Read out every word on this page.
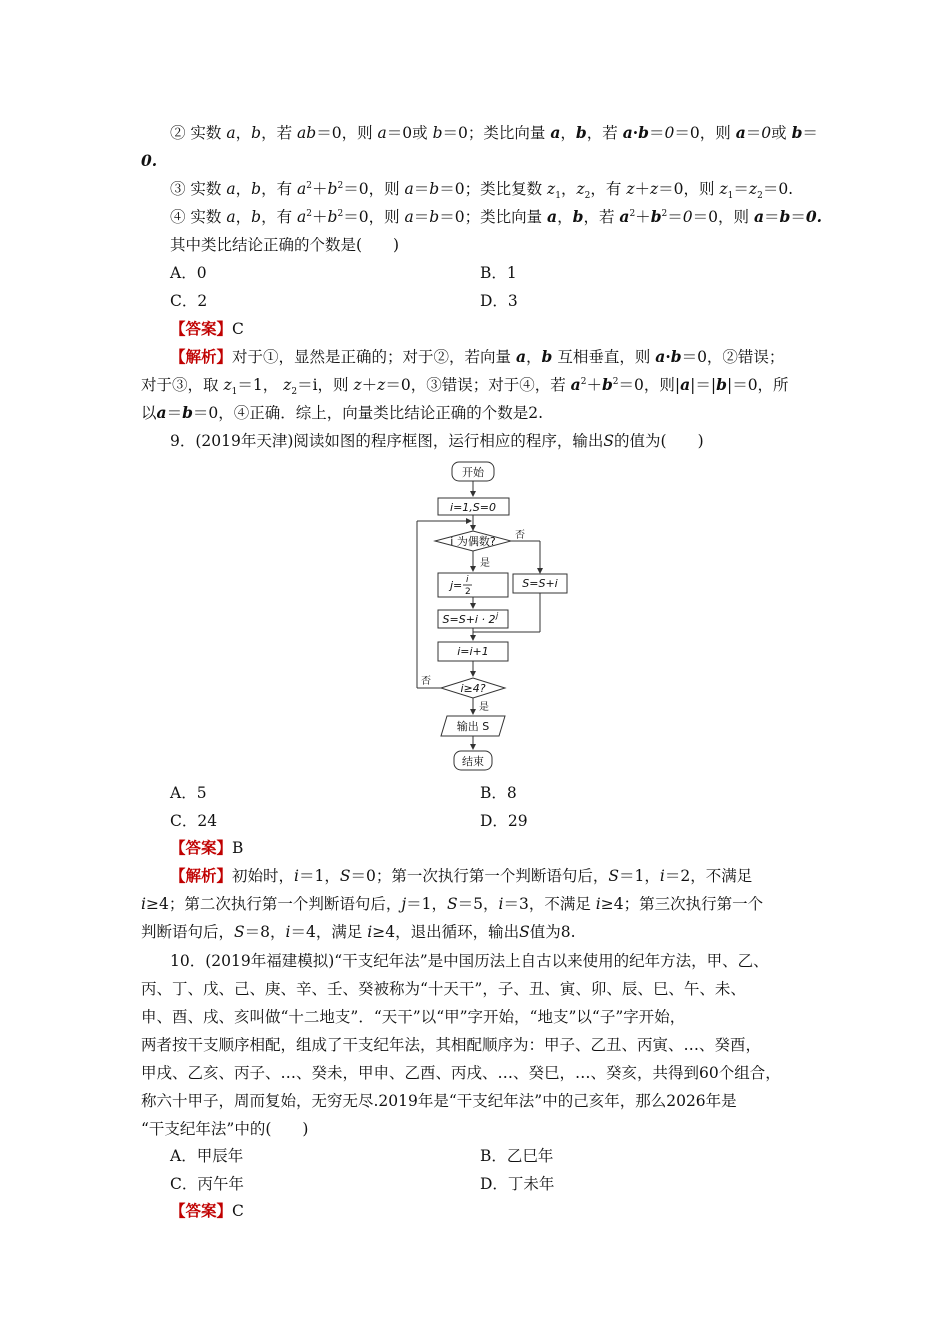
② 实数 a，b，若 ab＝0，则 a＝0或 b＝0；类比向量 a，b，若 a·b＝0＝0，则 a＝0或 b＝
0.
③ 实数 a，b，有 $a^2+b^2=0$，则 a＝b＝0；类比复数 $z_1$，$z_2$，有 z＋z＝0，则 $z_1=z_2=0$.
④ 实数 a，b，有 $a^2+b^2=0$，则 a＝b＝0；类比向量 a，b，若 $a^2+b^2=0=0$，则 a＝b＝0.
其中类比结论正确的个数是(　　)
A．0	B．1
C．2	D．3
【答案】C
【解析】对于①，显然是正确的；对于②，若向量 a，b 互相垂直，则 a·b＝0，②错误；
对于③，取 $z_1=1$， $z_2=i$，则 z＋z＝0，③错误；对于④，若 $a^2+b^2=0$，则|a|＝|b|＝0，所
以a＝b＝0，④正确．综上，向量类比结论正确的个数是2.
9．(2019年天津)阅读如图的程序框图，运行相应的程序，输出S的值为(　　)
开始
i=1,S=0
i 为偶数? 否
是
j= i
2
S=S+i
S=S+i · 2 j
i=i+1
i≥4?
否
是
输出 S
结束
A．5	B．8
C．24	D．29
【答案】B
【解析】初始时，i＝1，S＝0；第一次执行第一个判断语句后，S＝1，i＝2，不满足
i≥4；第二次执行第一个判断语句后，j＝1，S＝5，i＝3，不满足 i≥4；第三次执行第一个
判断语句后，S＝8，i＝4，满足 i≥4，退出循环，输出S值为8.
10．(2019年福建模拟)“干支纪年法”是中国历法上自古以来使用的纪年方法，甲、乙、
丙、丁、戊、己、庚、辛、壬、癸被称为“十天干”，子、丑、寅、卯、辰、巳、午、未、
申、酉、戌、亥叫做“十二地支”．“天干”以“甲”字开始，“地支”以“子”字开始，
两者按干支顺序相配，组成了干支纪年法，其相配顺序为：甲子、乙丑、丙寅、…、癸酉，
甲戌、乙亥、丙子、…、癸未，甲申、乙酉、丙戌、…、癸巳，…、癸亥，共得到60个组合，
称六十甲子，周而复始，无穷无尽.2019年是“干支纪年法”中的己亥年，那么2026年是
“干支纪年法”中的(　　)
A．甲辰年	B．乙巳年
C．丙午年	D．丁未年
【答案】C
